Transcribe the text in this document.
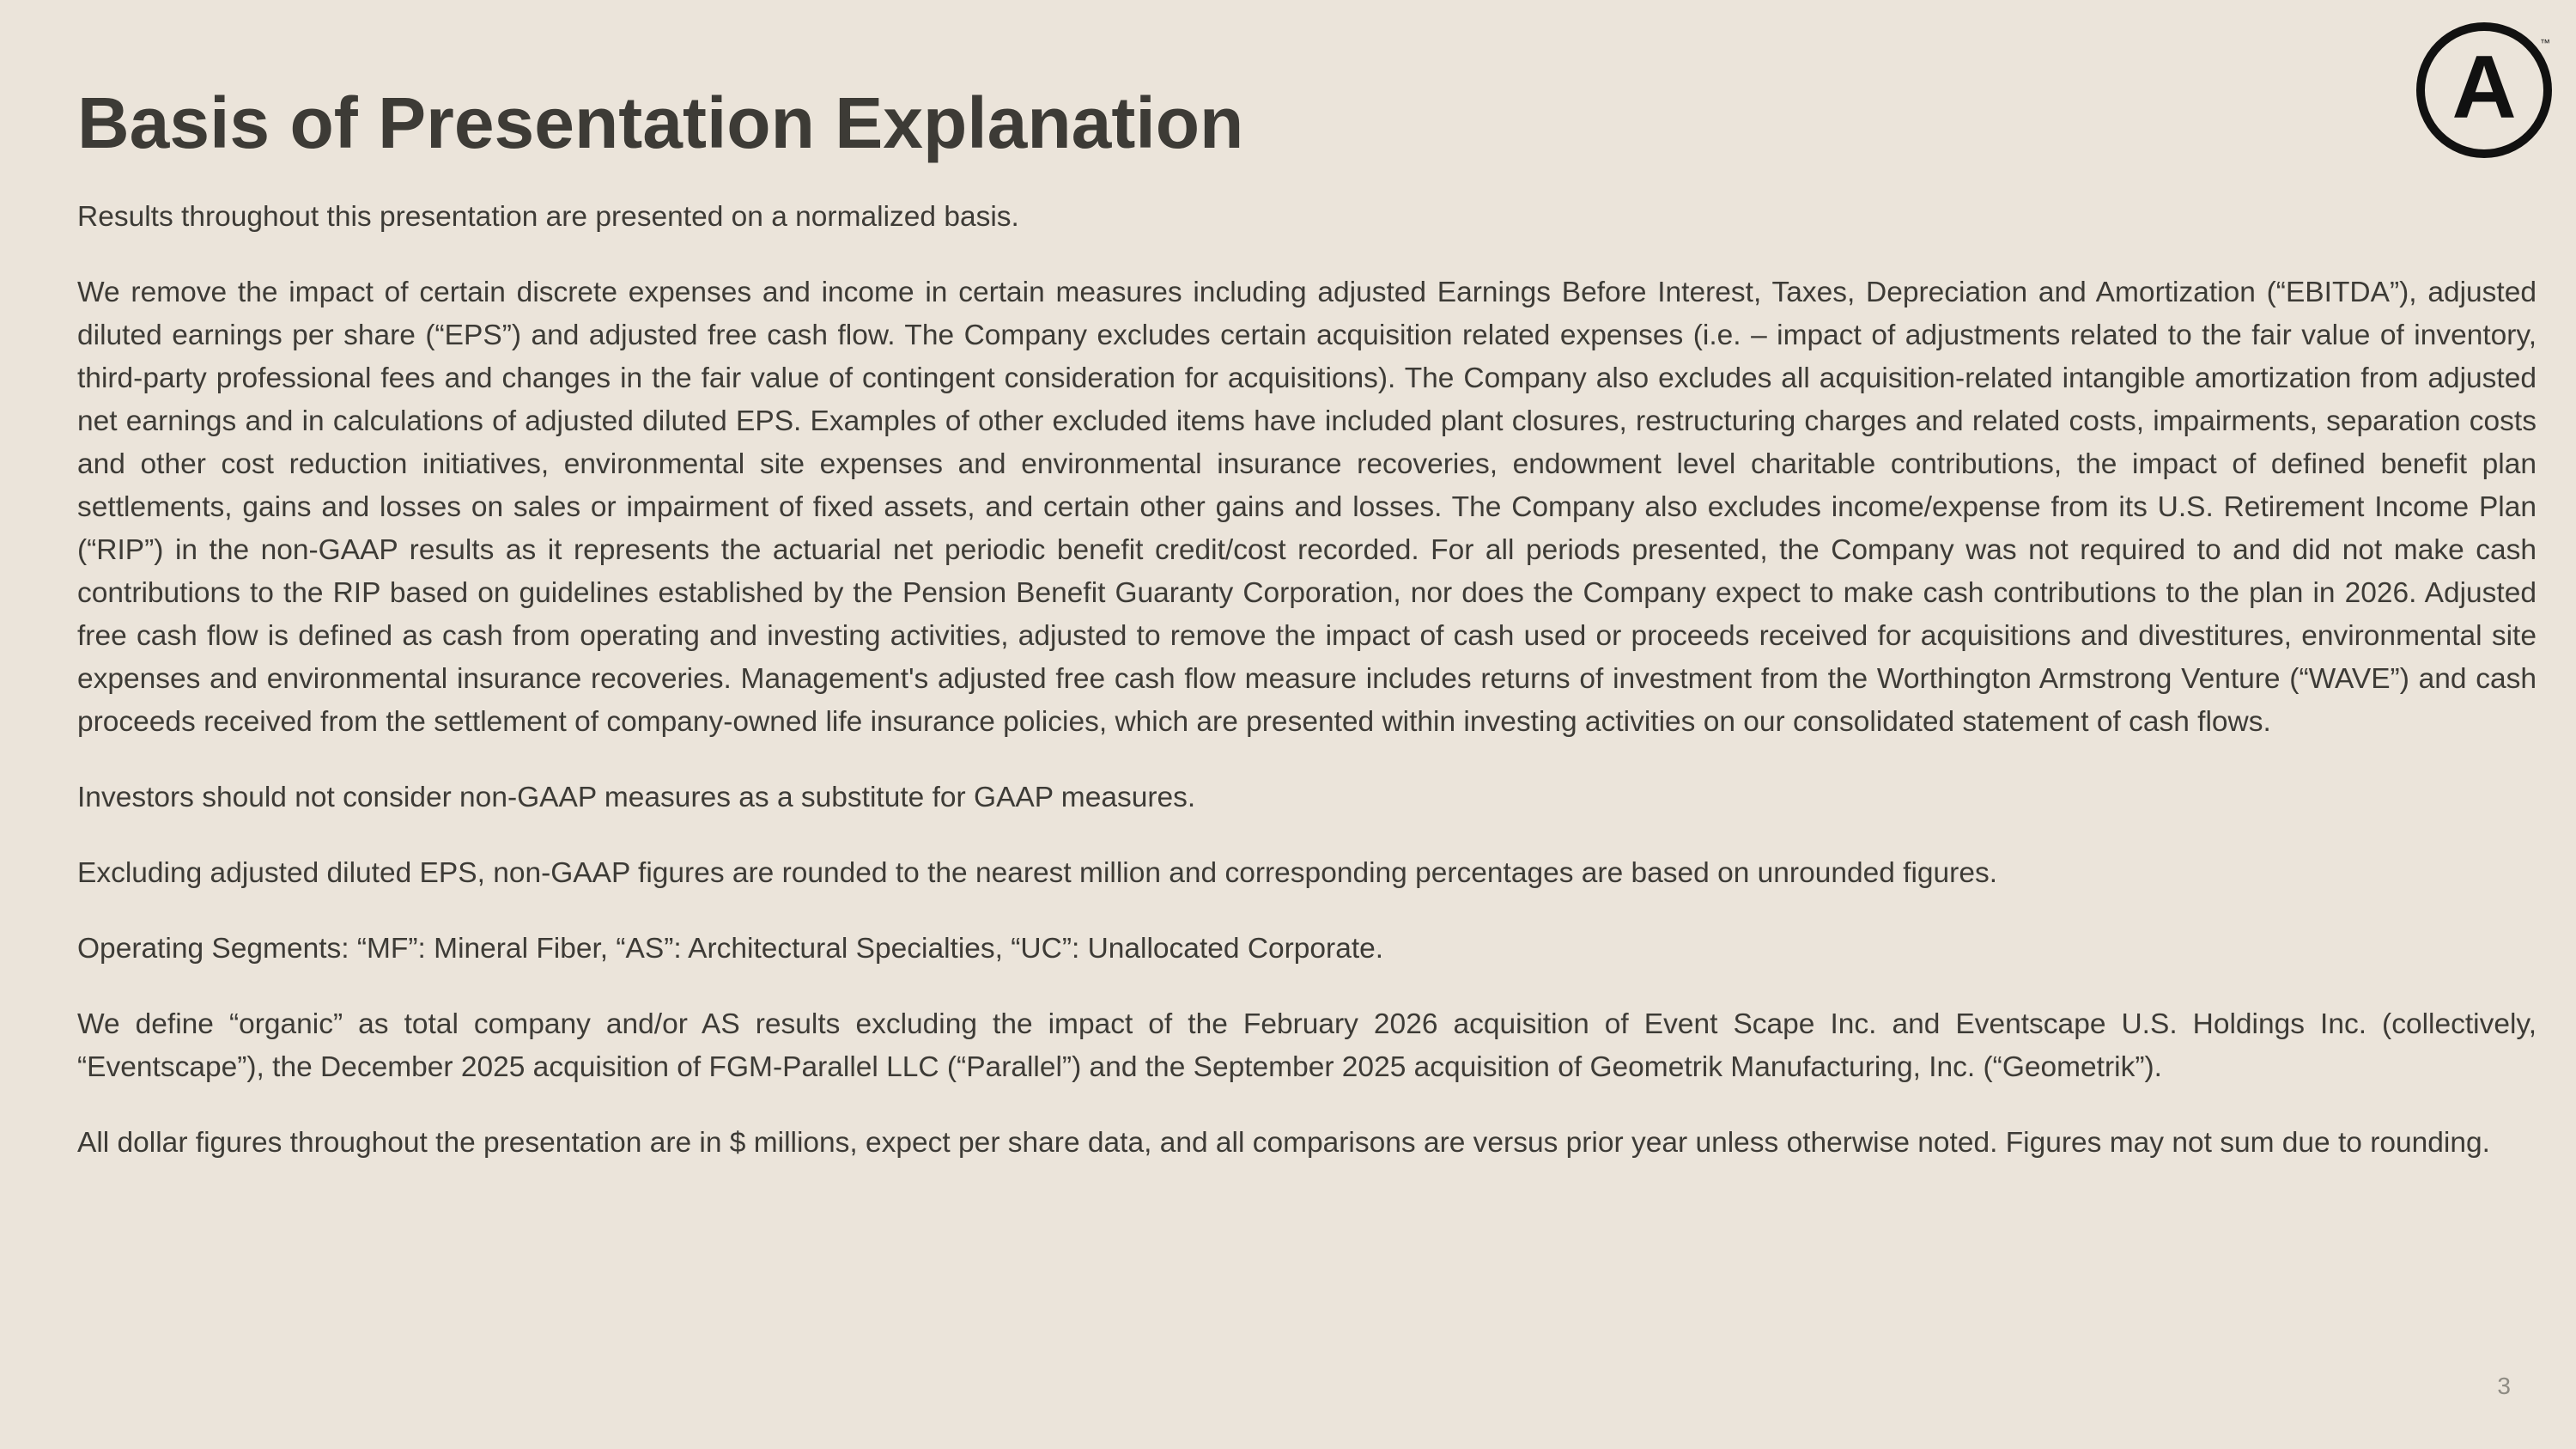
Basis of Presentation Explanation	A ™

Results throughout this presentation are presented on a normalized basis.

We remove the impact of certain discrete expenses and income in certain measures including adjusted Earnings Before Interest, Taxes, Depreciation and Amortization (“EBITDA”), adjusted diluted earnings per share (“EPS”) and adjusted free cash flow. The Company excludes certain acquisition related expenses (i.e. – impact of adjustments related to the fair value of inventory, third-party professional fees and changes in the fair value of contingent consideration for acquisitions). The Company also excludes all acquisition-related intangible amortization from adjusted net earnings and in calculations of adjusted diluted EPS. Examples of other excluded items have included plant closures, restructuring charges and related costs, impairments, separation costs and other cost reduction initiatives, environmental site expenses and environmental insurance recoveries, endowment level charitable contributions, the impact of defined benefit plan settlements, gains and losses on sales or impairment of fixed assets, and certain other gains and losses. The Company also excludes income/expense from its U.S. Retirement Income Plan (“RIP”) in the non-GAAP results as it represents the actuarial net periodic benefit credit/cost recorded. For all periods presented, the Company was not required to and did not make cash contributions to the RIP based on guidelines established by the Pension Benefit Guaranty Corporation, nor does the Company expect to make cash contributions to the plan in 2026. Adjusted free cash flow is defined as cash from operating and investing activities, adjusted to remove the impact of cash used or proceeds received for acquisitions and divestitures, environmental site expenses and environmental insurance recoveries. Management's adjusted free cash flow measure includes returns of investment from the Worthington Armstrong Venture (“WAVE”) and cash proceeds received from the settlement of company-owned life insurance policies, which are presented within investing activities on our consolidated statement of cash flows.

Investors should not consider non-GAAP measures as a substitute for GAAP measures.

Excluding adjusted diluted EPS, non-GAAP figures are rounded to the nearest million and corresponding percentages are based on unrounded figures.

Operating Segments: “MF”: Mineral Fiber, “AS”: Architectural Specialties, “UC”: Unallocated Corporate.

We define “organic” as total company and/or AS results excluding the impact of the February 2026 acquisition of Event Scape Inc. and Eventscape U.S. Holdings Inc. (collectively, “Eventscape”), the December 2025 acquisition of FGM-Parallel LLC (“Parallel”) and the September 2025 acquisition of Geometrik Manufacturing, Inc. (“Geometrik”).

All dollar figures throughout the presentation are in $ millions, expect per share data, and all comparisons are versus prior year unless otherwise noted. Figures may not sum due to rounding.

3
